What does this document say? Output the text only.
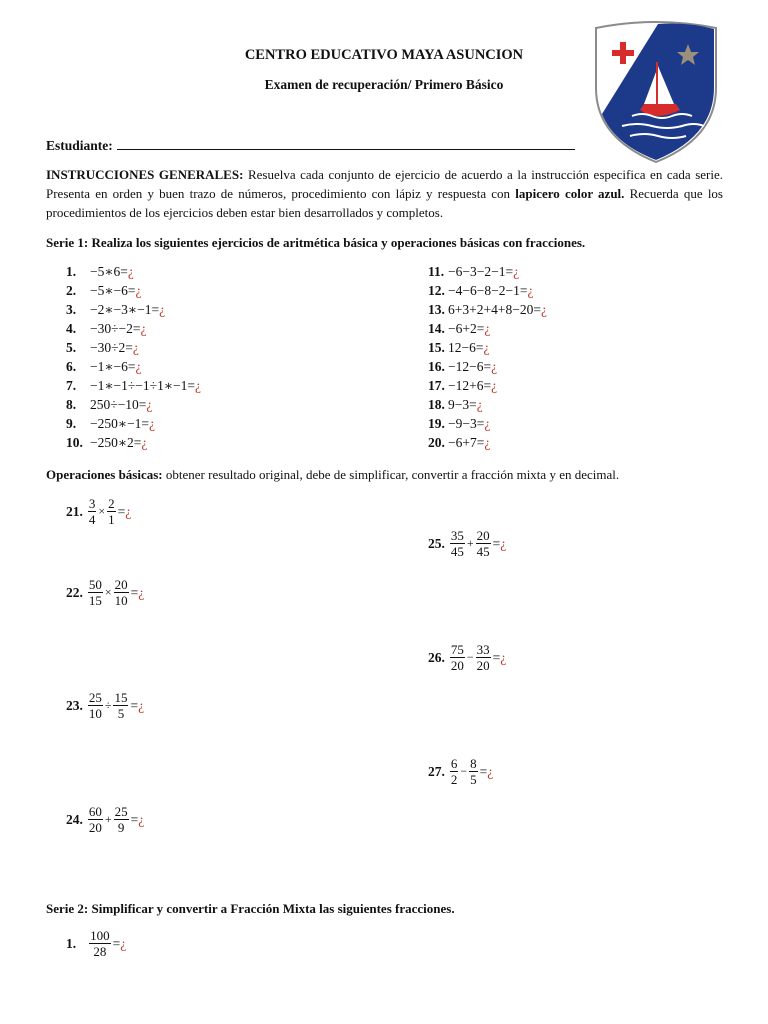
CENTRO EDUCATIVO MAYA ASUNCION
Examen de recuperación/ Primero Básico
Estudiante:
INSTRUCCIONES GENERALES: Resuelva cada conjunto de ejercicio de acuerdo a la instrucción especifica en cada serie. Presenta en orden y buen trazo de números, procedimiento con lápiz y respuesta con lapicero color azul. Recuerda que los procedimientos de los ejercicios deben estar bien desarrollados y completos.
Serie 1: Realiza los siguientes ejercicios de aritmética básica y operaciones básicas con fracciones.
1. −5∗6=¿
2. −5∗−6=¿
3. −2∗−3∗−1=¿
4. −30÷−2=¿
5. −30÷2=¿
6. −1∗−6=¿
7. −1∗−1÷−1÷1∗−1=¿
8. 250÷−10=¿
9. −250∗−1=¿
10. −250∗2=¿
11. −6−3−2−1=¿
12. −4−6−8−2−1=¿
13. 6+3+2+4+8−20=¿
14. −6+2=¿
15. 12−6=¿
16. −12−6=¿
17. −12+6=¿
18. 9−3=¿
19. −9−3=¿
20. −6+7=¿
Operaciones básicas: obtener resultado original, debe de simplificar, convertir a fracción mixta y en decimal.
21. $\frac{3}{4} \times \frac{2}{1}$ = ¿
22. $\frac{50}{15} \times \frac{20}{10}$ = ¿
23. $\frac{25}{10} \div \frac{15}{5}$ = ¿
24. $\frac{60}{20} + \frac{25}{9}$ = ¿
25. $\frac{35}{45} + \frac{20}{45}$ = ¿
26. $\frac{75}{20} - \frac{33}{20}$ = ¿
27. $\frac{6}{2} - \frac{8}{5}$ = ¿
Serie 2: Simplificar y convertir a Fracción Mixta las siguientes fracciones.
1. $\frac{100}{28}$ = ¿
